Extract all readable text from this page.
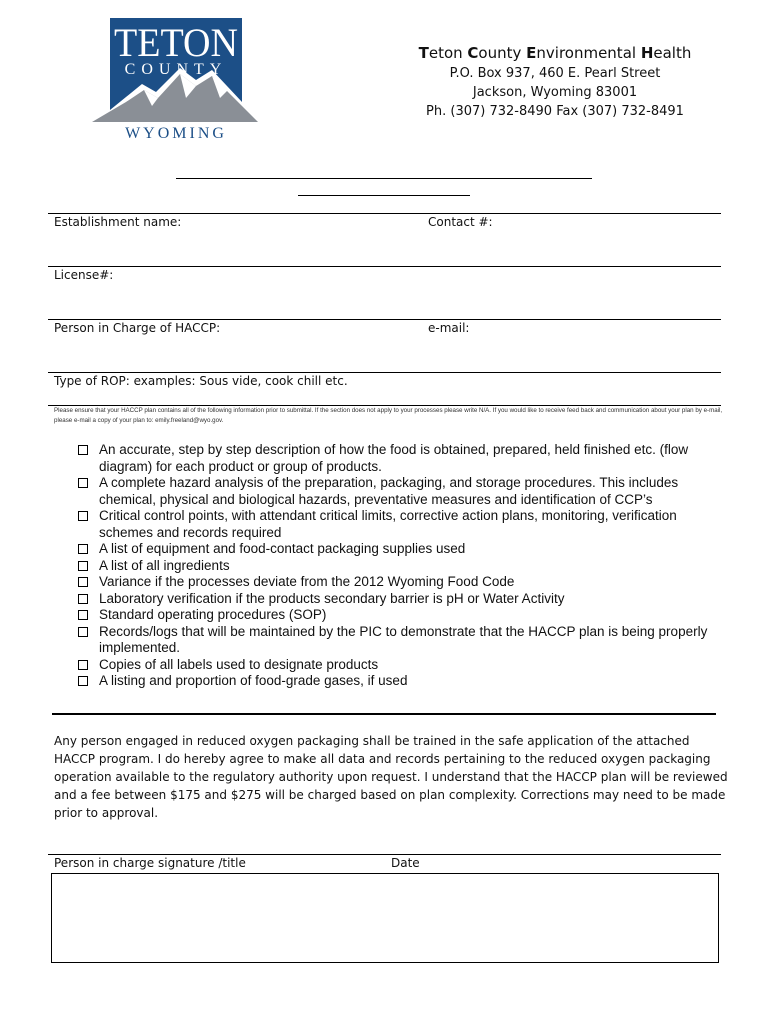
TETON
COUNTY
WYOMING
Teton County Environmental Health
P.O. Box 937, 460 E. Pearl Street
Jackson, Wyoming 83001
Ph. (307) 732-8490 Fax (307) 732-8491
Establishment name:	Contact #:
License#:
Person in Charge of HACCP:	e-mail:
Type of ROP: examples: Sous vide, cook chill etc.
Please ensure that your HACCP plan contains all of the following information prior to submittal. If the section does not apply to your processes please write N/A. If you would like to receive feed back and communication about your plan by e-mail, please e-mail a copy of your plan to: emily.freeland@wyo.gov.
An accurate, step by step description of how the food is obtained, prepared, held finished etc. (flow diagram) for each product or group of products.
A complete hazard analysis of the preparation, packaging, and storage procedures. This includes chemical, physical and biological hazards, preventative measures and identification of CCP’s
Critical control points, with attendant critical limits, corrective action plans, monitoring, verification schemes and records required
A list of equipment and food-contact packaging supplies used
A list of all ingredients
Variance if the processes deviate from the 2012 Wyoming Food Code
Laboratory verification if the products secondary barrier is pH or Water Activity
Standard operating procedures (SOP)
Records/logs that will be maintained by the PIC to demonstrate that the HACCP plan is being properly implemented.
Copies of all labels used to designate products
A listing and proportion of food-grade gases, if used
Any person engaged in reduced oxygen packaging shall be trained in the safe application of the attached HACCP program. I do hereby agree to make all data and records pertaining to the reduced oxygen packaging operation available to the regulatory authority upon request. I understand that the HACCP plan will be reviewed and a fee between $175 and $275 will be charged based on plan complexity. Corrections may need to be made prior to approval.
Person in charge signature /title	Date
